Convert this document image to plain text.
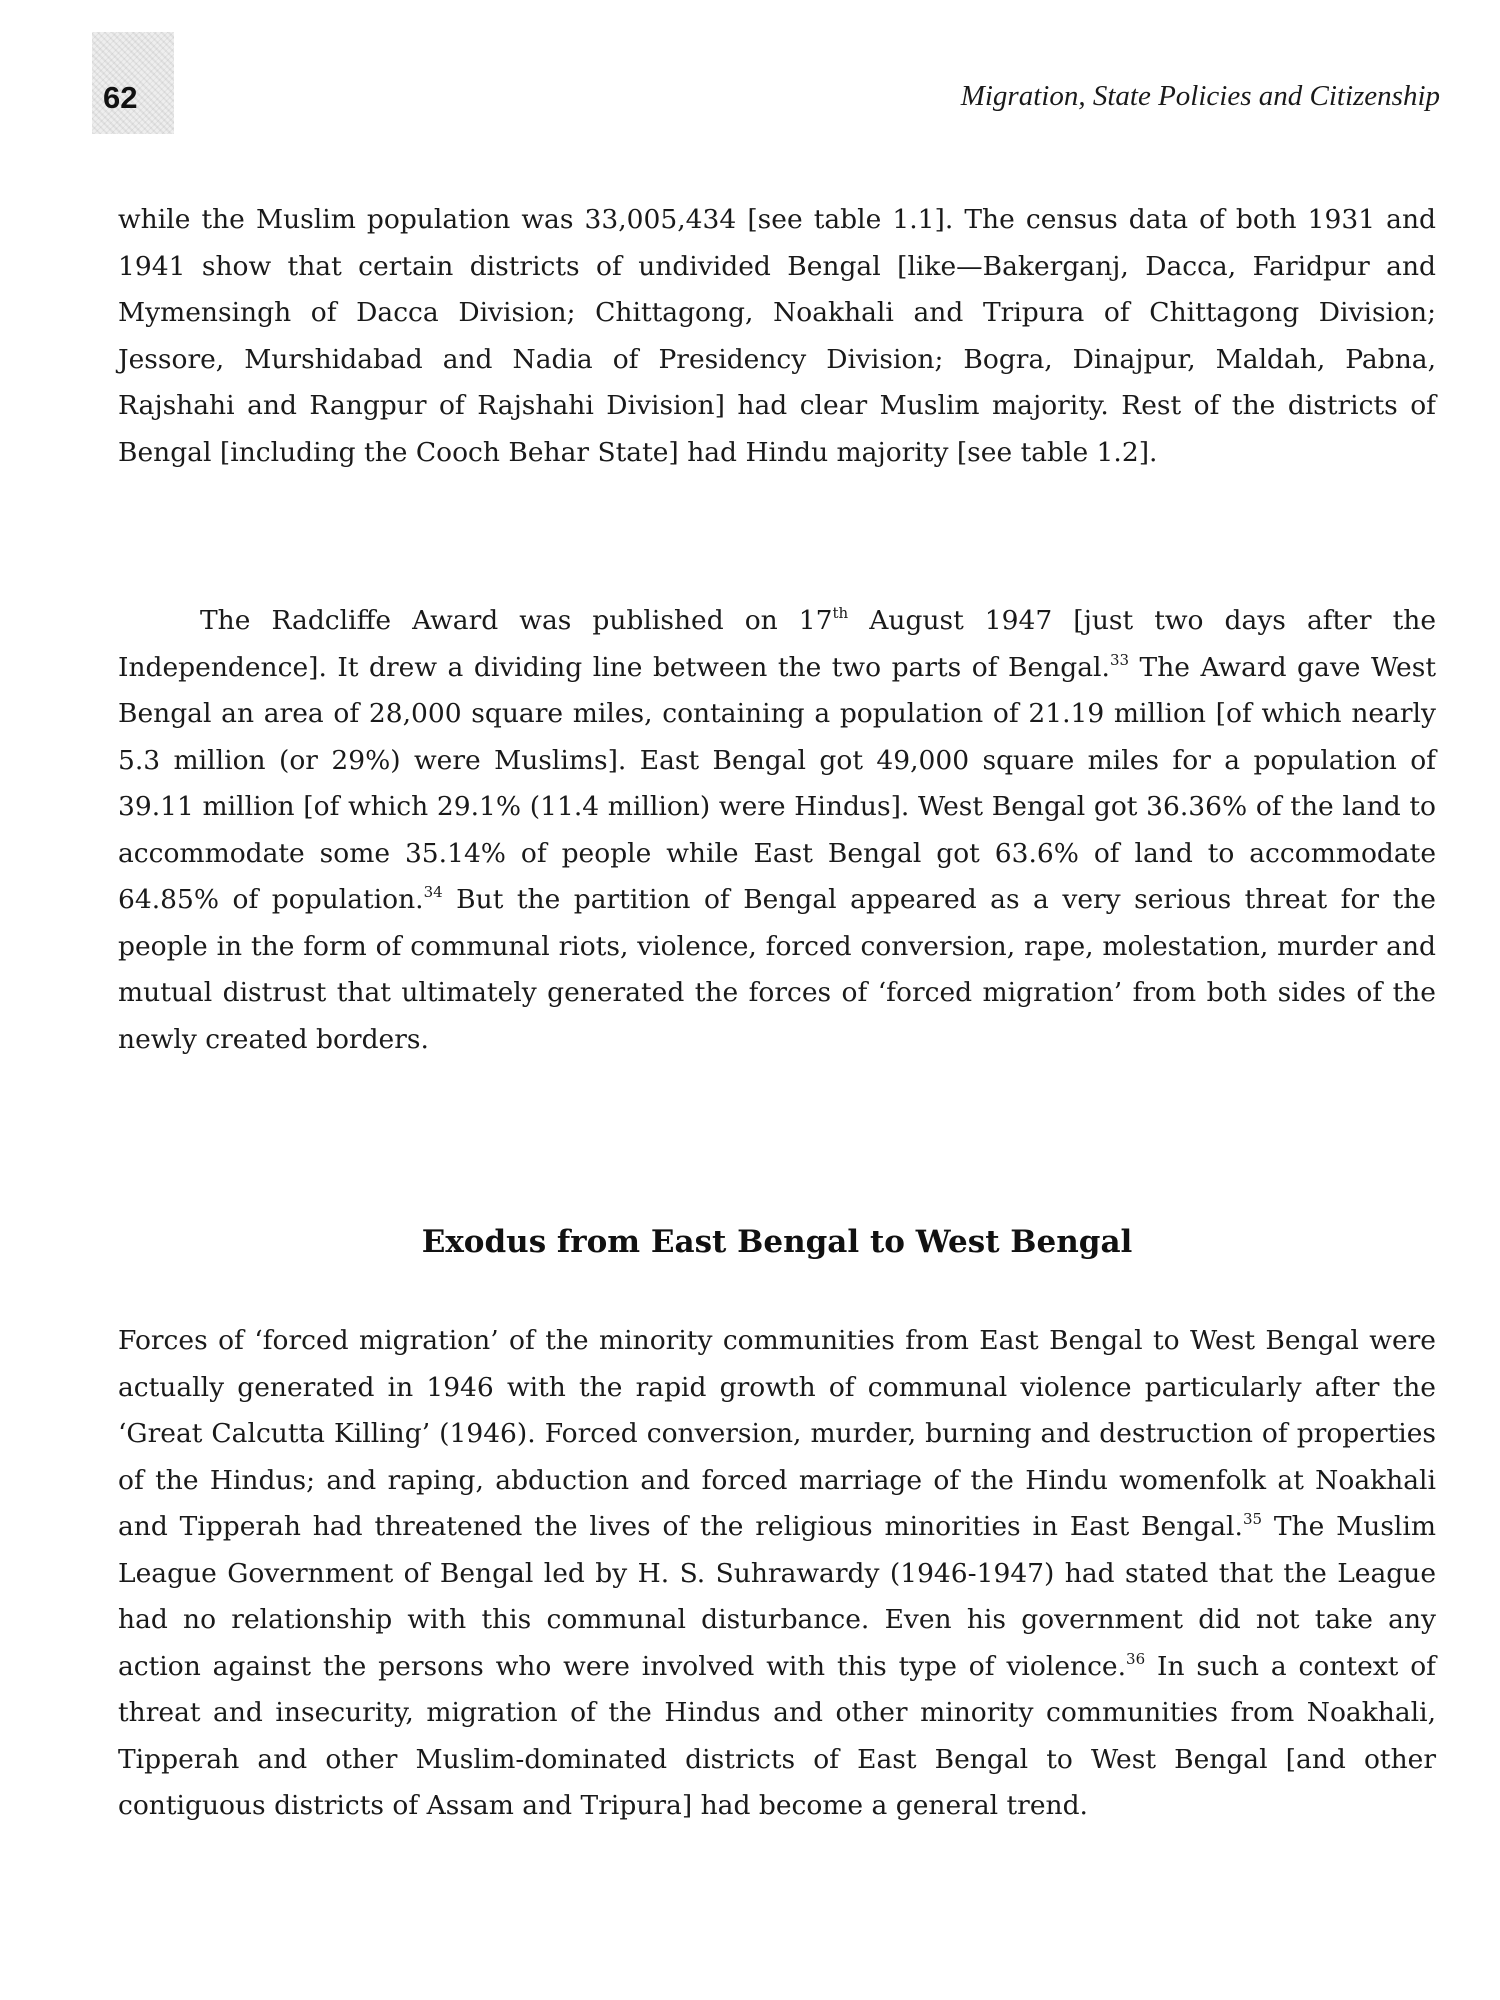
62	Migration, State Policies and Citizenship

while the Muslim population was 33,005,434 [see table 1.1]. The census data of both 1931 and 1941 show that certain districts of undivided Bengal [like—Bakerganj, Dacca, Faridpur and Mymensingh of Dacca Division; Chittagong, Noakhali and Tripura of Chittagong Division; Jessore, Murshidabad and Nadia of Presidency Division; Bogra, Dinajpur, Maldah, Pabna, Rajshahi and Rangpur of Rajshahi Division] had clear Muslim majority. Rest of the districts of Bengal [including the Cooch Behar State] had Hindu majority [see table 1.2].

The Radcliffe Award was published on 17th August 1947 [just two days after the Independence]. It drew a dividing line between the two parts of Bengal.$^{33}$ The Award gave West Bengal an area of 28,000 square miles, containing a population of 21.19 million [of which nearly 5.3 million (or 29%) were Muslims]. East Bengal got 49,000 square miles for a population of 39.11 million [of which 29.1% (11.4 million) were Hindus]. West Bengal got 36.36% of the land to accommodate some 35.14% of people while East Bengal got 63.6% of land to accommodate 64.85% of population.$^{34}$ But the partition of Bengal appeared as a very serious threat for the people in the form of communal riots, violence, forced conversion, rape, molestation, murder and mutual distrust that ultimately generated the forces of ‘forced migration’ from both sides of the newly created borders.

Exodus from East Bengal to West Bengal

Forces of ‘forced migration’ of the minority communities from East Bengal to West Bengal were actually generated in 1946 with the rapid growth of communal violence particularly after the ‘Great Calcutta Killing’ (1946). Forced conversion, murder, burning and destruction of properties of the Hindus; and raping, abduction and forced marriage of the Hindu womenfolk at Noakhali and Tipperah had threatened the lives of the religious minorities in East Bengal.$^{35}$ The Muslim League Government of Bengal led by H. S. Suhrawardy (1946-1947) had stated that the League had no relationship with this communal disturbance. Even his government did not take any action against the persons who were involved with this type of violence.$^{36}$ In such a context of threat and insecurity, migration of the Hindus and other minority communities from Noakhali, Tipperah and other Muslim-dominated districts of East Bengal to West Bengal [and other contiguous districts of Assam and Tripura] had become a general trend.
